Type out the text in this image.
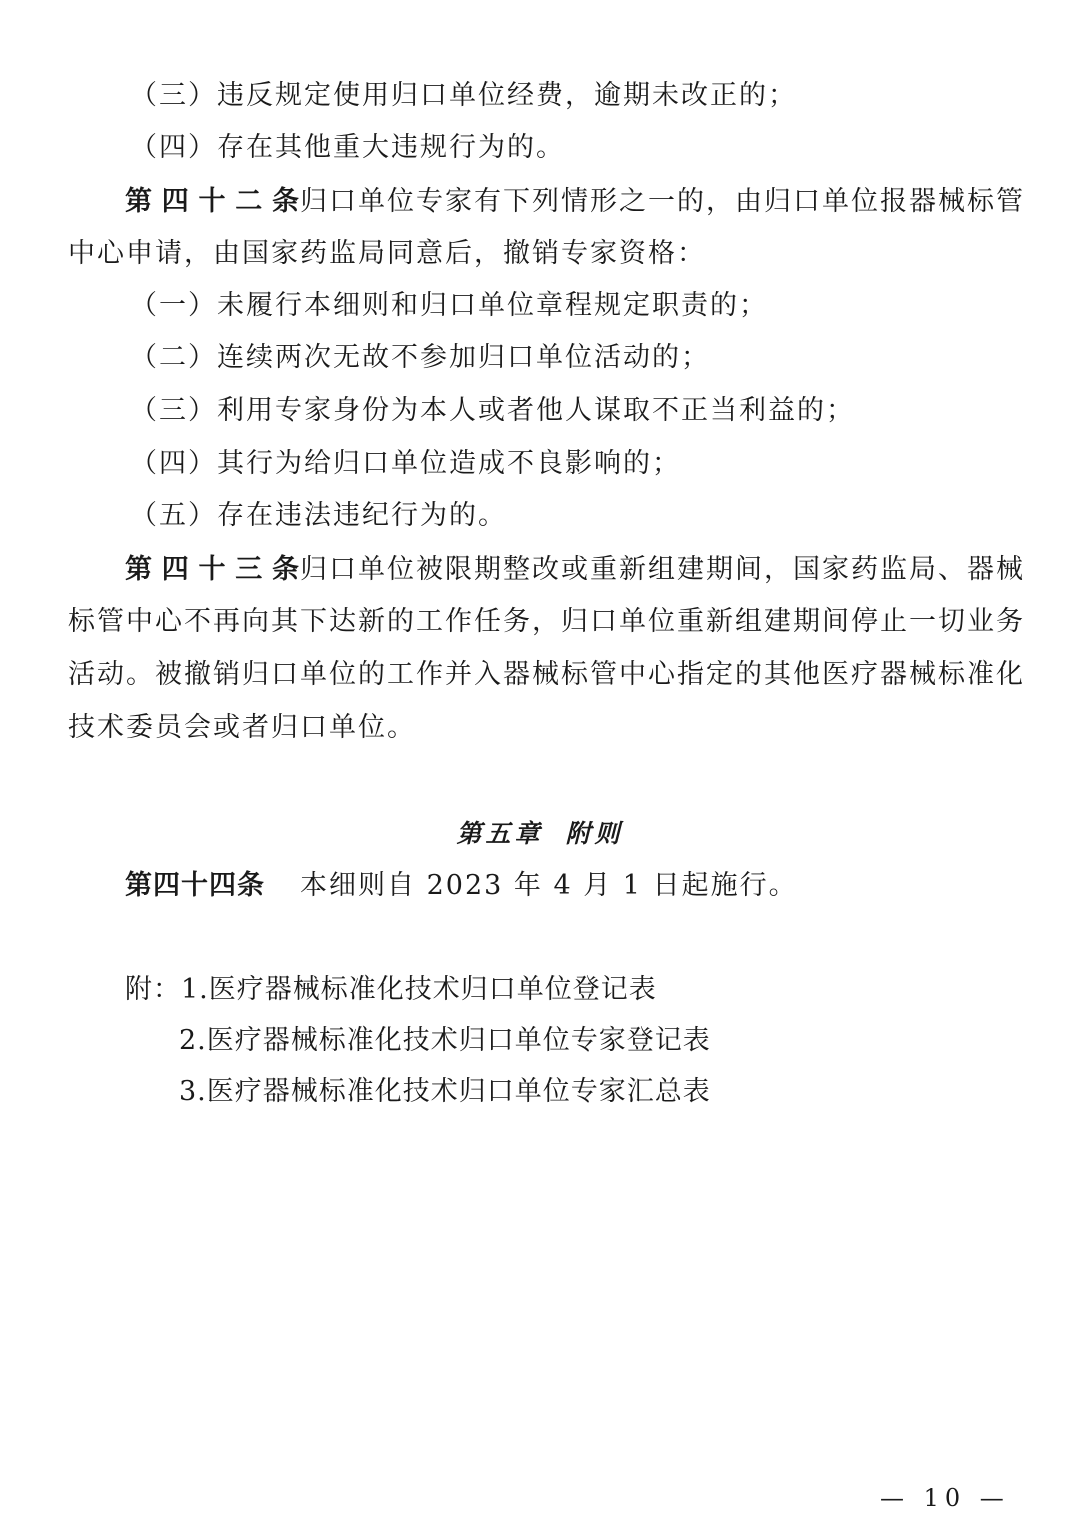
（三）违反规定使用归口单位经费，逾期未改正的；
（四）存在其他重大违规行为的。
第四十二条归口单位专家有下列情形之一的，由归口单位报器械标管
中心申请，由国家药监局同意后，撤销专家资格：
（一）未履行本细则和归口单位章程规定职责的；
（二）连续两次无故不参加归口单位活动的；
（三）利用专家身份为本人或者他人谋取不正当利益的；
（四）其行为给归口单位造成不良影响的；
（五）存在违法违纪行为的。
第四十三条归口单位被限期整改或重新组建期间，国家药监局、器械
标管中心不再向其下达新的工作任务，归口单位重新组建期间停止一切业务
活动。被撤销归口单位的工作并入器械标管中心指定的其他医疗器械标准化
技术委员会或者归口单位。
第五章 附则
第四十四条 本细则自 2023 年 4 月 1 日起施行。
附：1.医疗器械标准化技术归口单位登记表
2.医疗器械标准化技术归口单位专家登记表
3.医疗器械标准化技术归口单位专家汇总表
— 10 —
